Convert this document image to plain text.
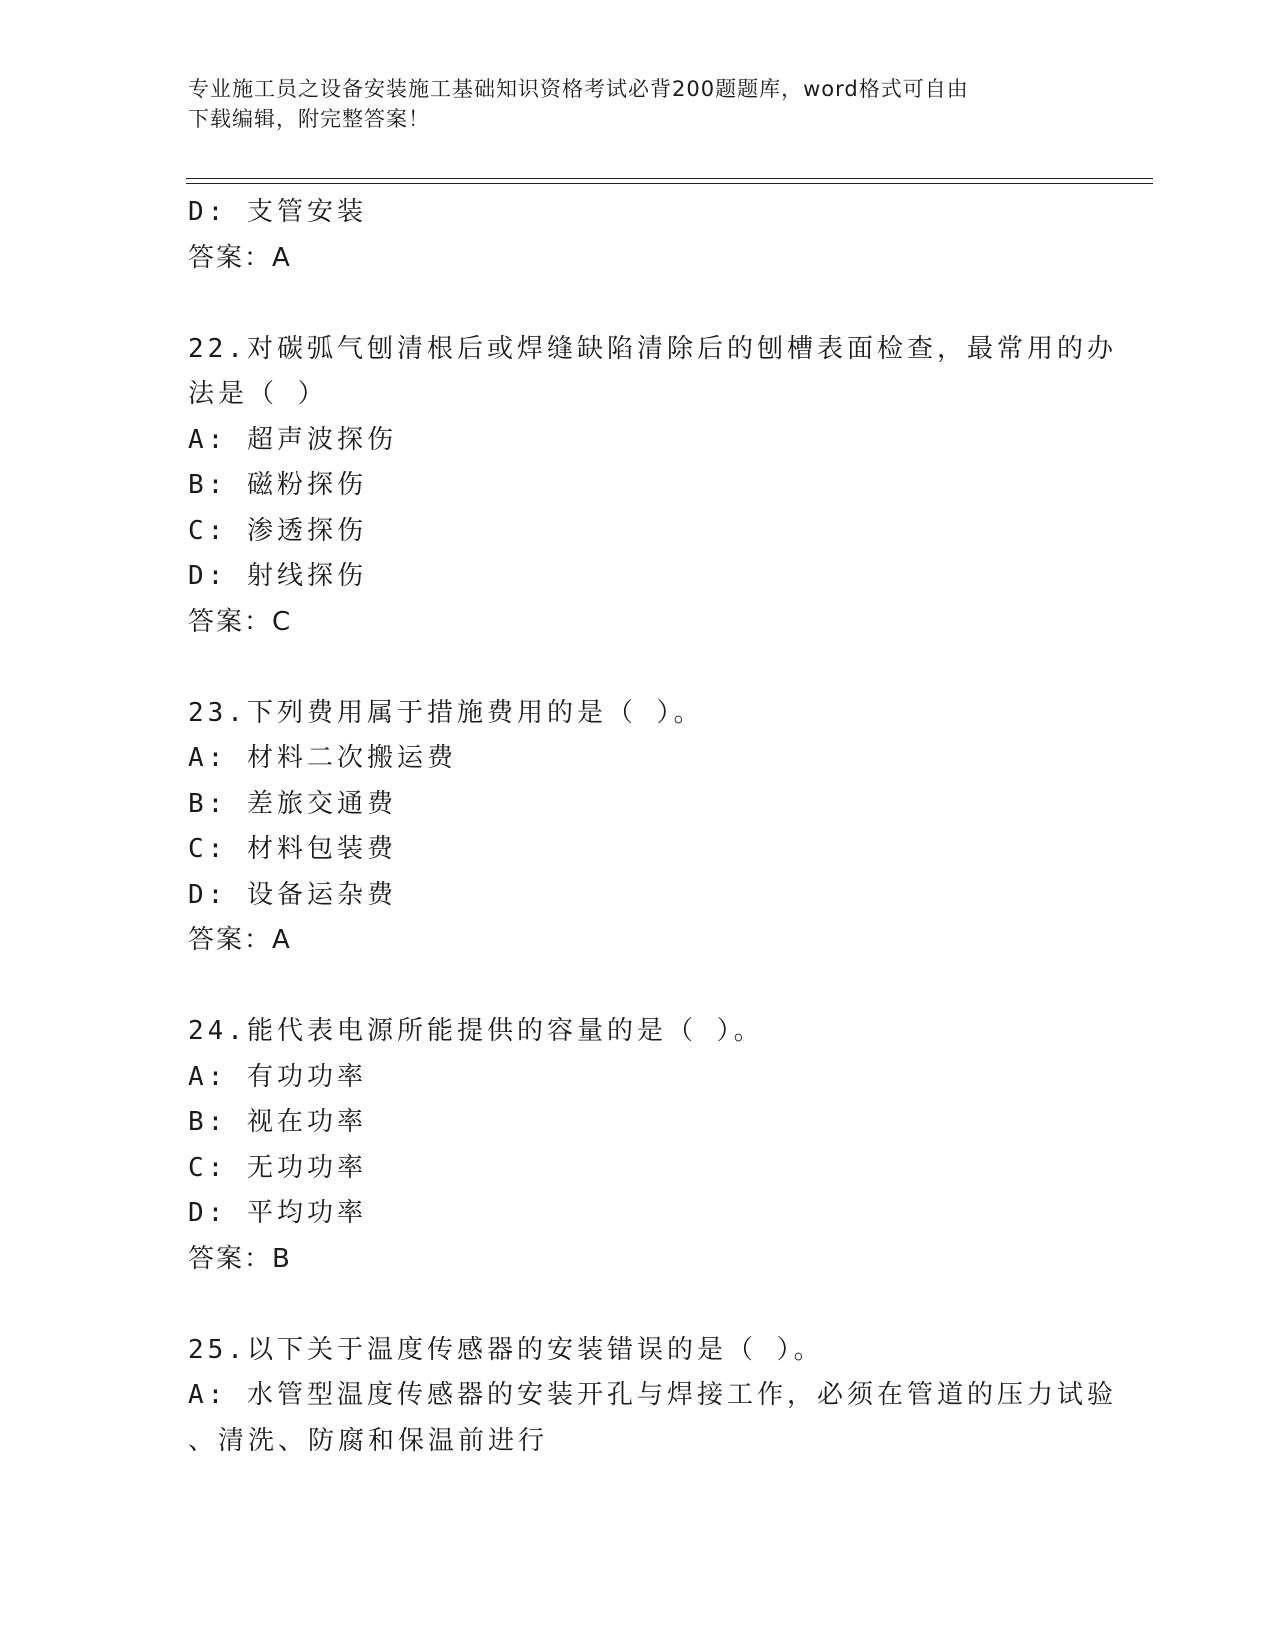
专业施工员之设备安装施工基础知识资格考试必背200题题库，word格式可自由
下载编辑，附完整答案！
D: 支管安装
答案：A
22.对碳弧气刨清根后或焊缝缺陷清除后的刨槽表面检查，最常用的办
法是（ ）
A: 超声波探伤
B: 磁粉探伤
C: 渗透探伤
D: 射线探伤
答案：C
23.下列费用属于措施费用的是（ ）。
A: 材料二次搬运费
B: 差旅交通费
C: 材料包装费
D: 设备运杂费
答案：A
24.能代表电源所能提供的容量的是（ ）。
A: 有功功率
B: 视在功率
C: 无功功率
D: 平均功率
答案：B
25.以下关于温度传感器的安装错误的是（ ）。
A: 水管型温度传感器的安装开孔与焊接工作，必须在管道的压力试验
、清洗、防腐和保温前进行
